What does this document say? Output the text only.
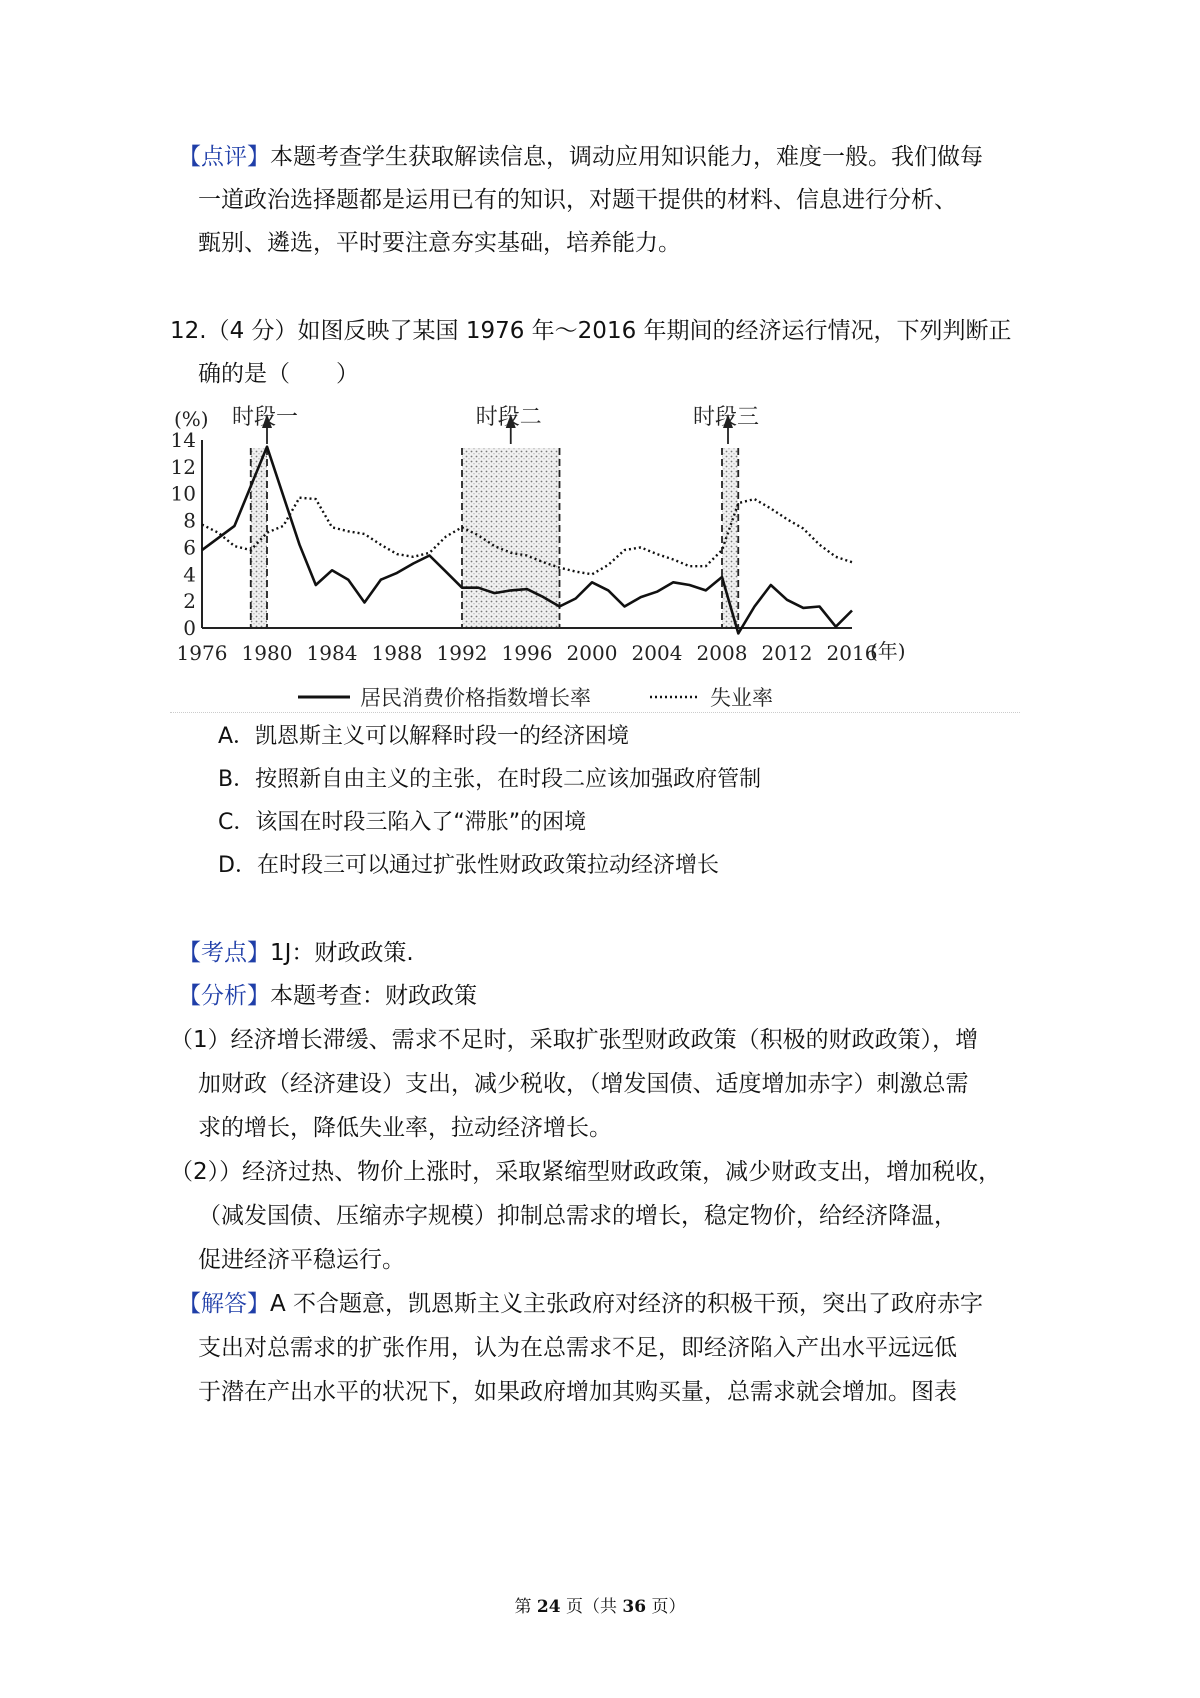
【点评】本题考查学生获取解读信息，调动应用知识能力，难度一般。我们做每
一道政治选择题都是运用已有的知识，对题干提供的材料、信息进行分析、
甄别、遴选，平时要注意夯实基础，培养能力。
12.（4 分）如图反映了某国 1976 年～2016 年期间的经济运行情况，下列判断正
确的是（　　）
(%)
0
2
4
6
8
10
12
14
1976 1980 1984 1988 1992 1996 2000 2004 2008 2012 2016
时段一	时段二	时段三
(年)
居民消费价格指数增长率	失业率
A．凯恩斯主义可以解释时段一的经济困境
B．按照新自由主义的主张，在时段二应该加强政府管制
C．该国在时段三陷入了“滞胀”的困境
D．在时段三可以通过扩张性财政政策拉动经济增长
【考点】1J：财政政策.
【分析】本题考查：财政政策
（1）经济增长滞缓、需求不足时，采取扩张型财政政策（积极的财政政策），增
加财政（经济建设）支出，减少税收，（增发国债、适度增加赤字）刺激总需
求的增长，降低失业率，拉动经济增长。
（2））经济过热、物价上涨时，采取紧缩型财政政策，减少财政支出，增加税收，
（减发国债、压缩赤字规模）抑制总需求的增长，稳定物价，给经济降温，
促进经济平稳运行。
【解答】A 不合题意，凯恩斯主义主张政府对经济的积极干预，突出了政府赤字
支出对总需求的扩张作用，认为在总需求不足，即经济陷入产出水平远远低
于潜在产出水平的状况下，如果政府增加其购买量，总需求就会增加。图表
第 24 页（共 36 页）
